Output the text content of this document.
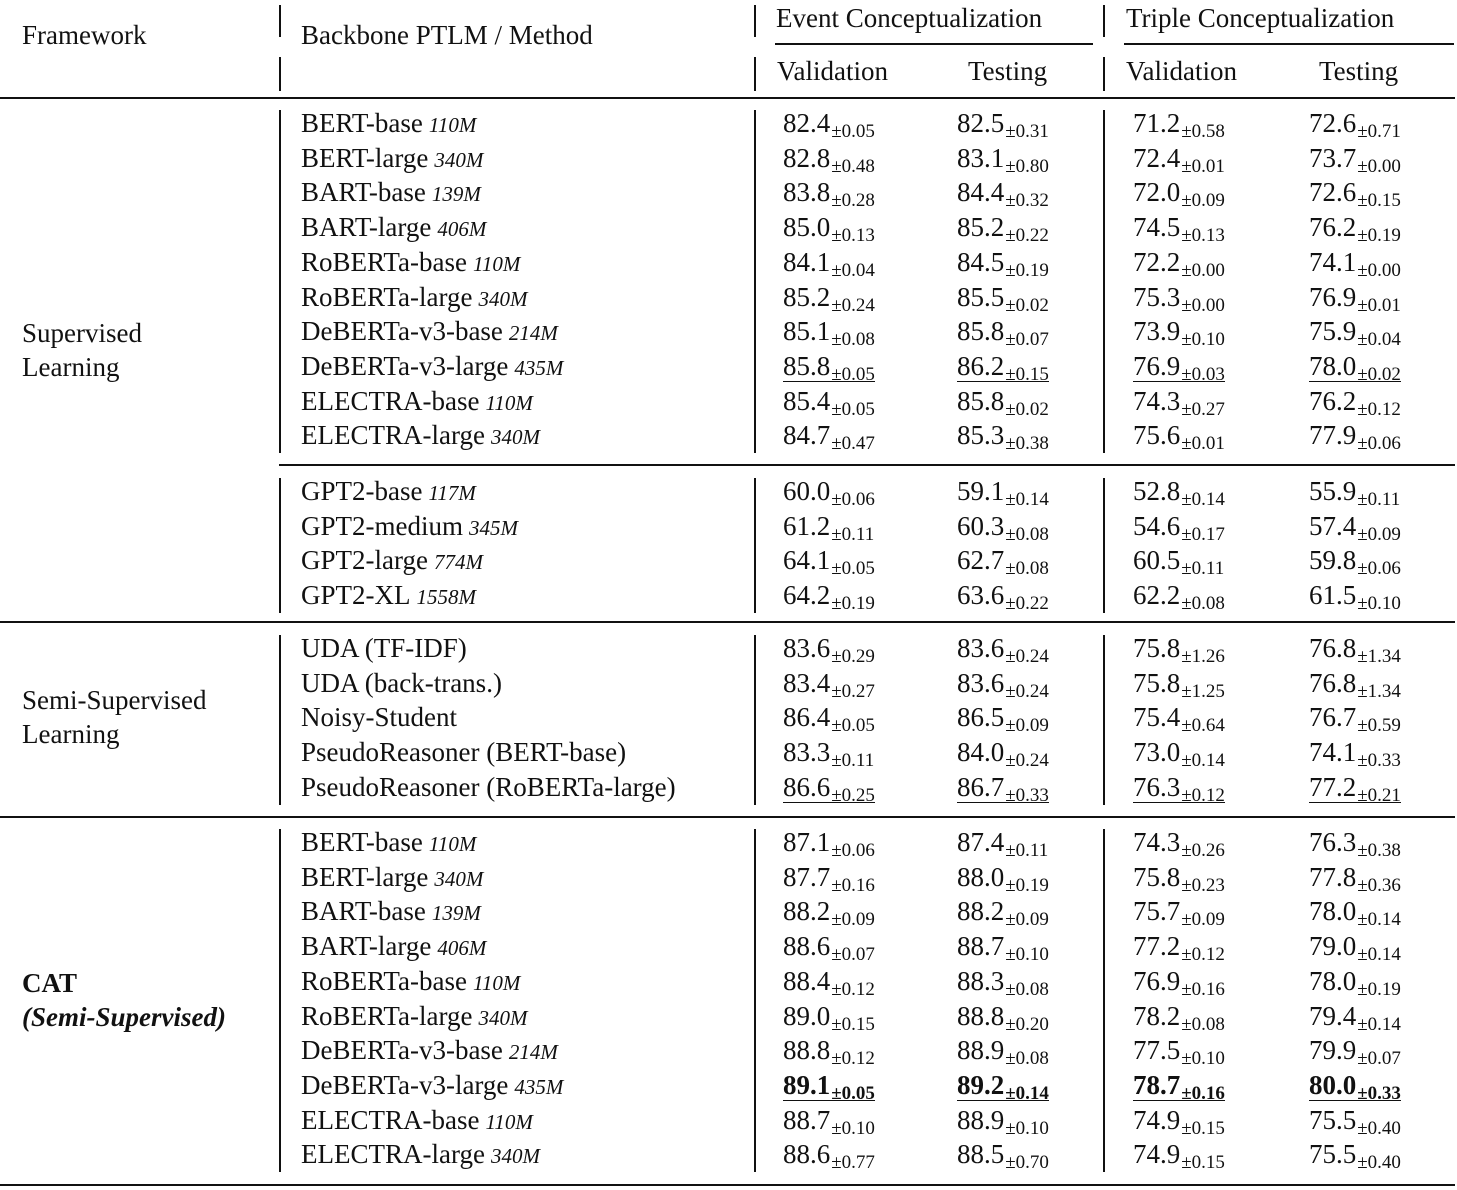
Framework	Backbone PTLM / Method
Event Conceptualization	Triple Conceptualization
Validation	Testing	Validation	Testing
Supervised
Learning
BERT-base 110M	82.4±0.05	82.5±0.31	71.2±0.58	72.6±0.71
BERT-large 340M	82.8±0.48	83.1±0.80	72.4±0.01	73.7±0.00
BART-base 139M	83.8±0.28	84.4±0.32	72.0±0.09	72.6±0.15
BART-large 406M	85.0±0.13	85.2±0.22	74.5±0.13	76.2±0.19
RoBERTa-base 110M	84.1±0.04	84.5±0.19	72.2±0.00	74.1±0.00
RoBERTa-large 340M	85.2±0.24	85.5±0.02	75.3±0.00	76.9±0.01
DeBERTa-v3-base 214M	85.1±0.08	85.8±0.07	73.9±0.10	75.9±0.04
DeBERTa-v3-large 435M	85.8±0.05	86.2±0.15	76.9±0.03	78.0±0.02
ELECTRA-base 110M	85.4±0.05	85.8±0.02	74.3±0.27	76.2±0.12
ELECTRA-large 340M	84.7±0.47	85.3±0.38	75.6±0.01	77.9±0.06
GPT2-base 117M	60.0±0.06	59.1±0.14	52.8±0.14	55.9±0.11
GPT2-medium 345M	61.2±0.11	60.3±0.08	54.6±0.17	57.4±0.09
GPT2-large 774M	64.1±0.05	62.7±0.08	60.5±0.11	59.8±0.06
GPT2-XL 1558M	64.2±0.19	63.6±0.22	62.2±0.08	61.5±0.10
Semi-Supervised
Learning
UDA (TF-IDF)	83.6±0.29	83.6±0.24	75.8±1.26	76.8±1.34
UDA (back-trans.)	83.4±0.27	83.6±0.24	75.8±1.25	76.8±1.34
Noisy-Student	86.4±0.05	86.5±0.09	75.4±0.64	76.7±0.59
PseudoReasoner (BERT-base)	83.3±0.11	84.0±0.24	73.0±0.14	74.1±0.33
PseudoReasoner (RoBERTa-large)	86.6±0.25	86.7±0.33	76.3±0.12	77.2±0.21
CAT
(Semi-Supervised)
BERT-base 110M	87.1±0.06	87.4±0.11	74.3±0.26	76.3±0.38
BERT-large 340M	87.7±0.16	88.0±0.19	75.8±0.23	77.8±0.36
BART-base 139M	88.2±0.09	88.2±0.09	75.7±0.09	78.0±0.14
BART-large 406M	88.6±0.07	88.7±0.10	77.2±0.12	79.0±0.14
RoBERTa-base 110M	88.4±0.12	88.3±0.08	76.9±0.16	78.0±0.19
RoBERTa-large 340M	89.0±0.15	88.8±0.20	78.2±0.08	79.4±0.14
DeBERTa-v3-base 214M	88.8±0.12	88.9±0.08	77.5±0.10	79.9±0.07
DeBERTa-v3-large 435M	89.1±0.05	89.2±0.14	78.7±0.16	80.0±0.33
ELECTRA-base 110M	88.7±0.10	88.9±0.10	74.9±0.15	75.5±0.40
ELECTRA-large 340M	88.6±0.77	88.5±0.70	74.9±0.15	75.5±0.40
